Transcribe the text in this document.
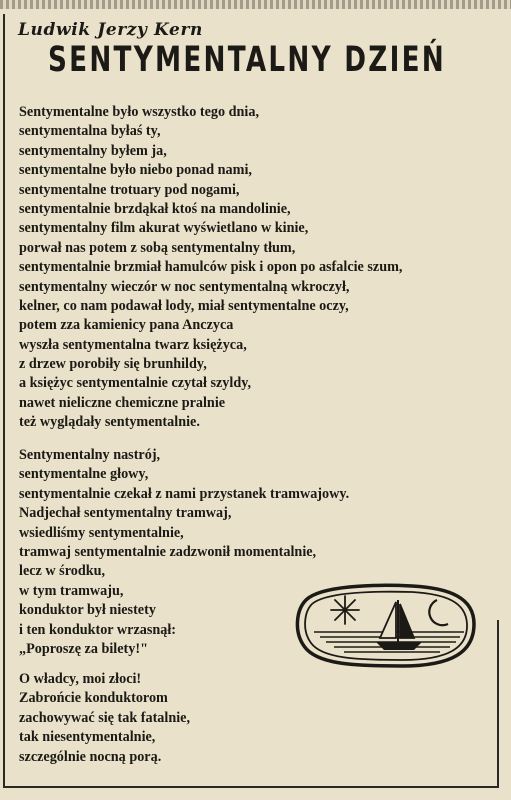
Ludwik Jerzy Kern
SENTYMENTALNY DZIEŃ
Sentymentalne było wszystko tego dnia,
sentymentalna byłaś ty,
sentymentalny byłem ja,
sentymentalne było niebo ponad nami,
sentymentalne trotuary pod nogami,
sentymentalnie brzdąkał ktoś na mandolinie,
sentymentalny film akurat wyświetlano w kinie,
porwał nas potem z sobą sentymentalny tłum,
sentymentalnie brzmiał hamulców pisk i opon po asfalcie szum,
sentymentalny wieczór w noc sentymentalną wkroczył,
kelner, co nam podawał lody, miał sentymentalne oczy,
potem zza kamienicy pana Anczyca
wyszła sentymentalna twarz księżyca,
z drzew porobiły się brunhildy,
a księżyc sentymentalnie czytał szyldy,
nawet nieliczne chemiczne pralnie
też wyglądały sentymentalnie.
Sentymentalny nastrój,
sentymentalne głowy,
sentymentalnie czekał z nami przystanek tramwajowy.
Nadjechał sentymentalny tramwaj,
wsiedliśmy sentymentalnie,
tramwaj sentymentalnie zadzwonił momentalnie,
lecz w środku,
w tym tramwaju,
konduktor był niestety
i ten konduktor wrzasnął:
„Poproszę za bilety!"
O władcy, moi złoci!
Zabrońcie konduktorom
zachowywać się tak fatalnie,
tak niesentymentalnie,
szczególnie nocną porą.
